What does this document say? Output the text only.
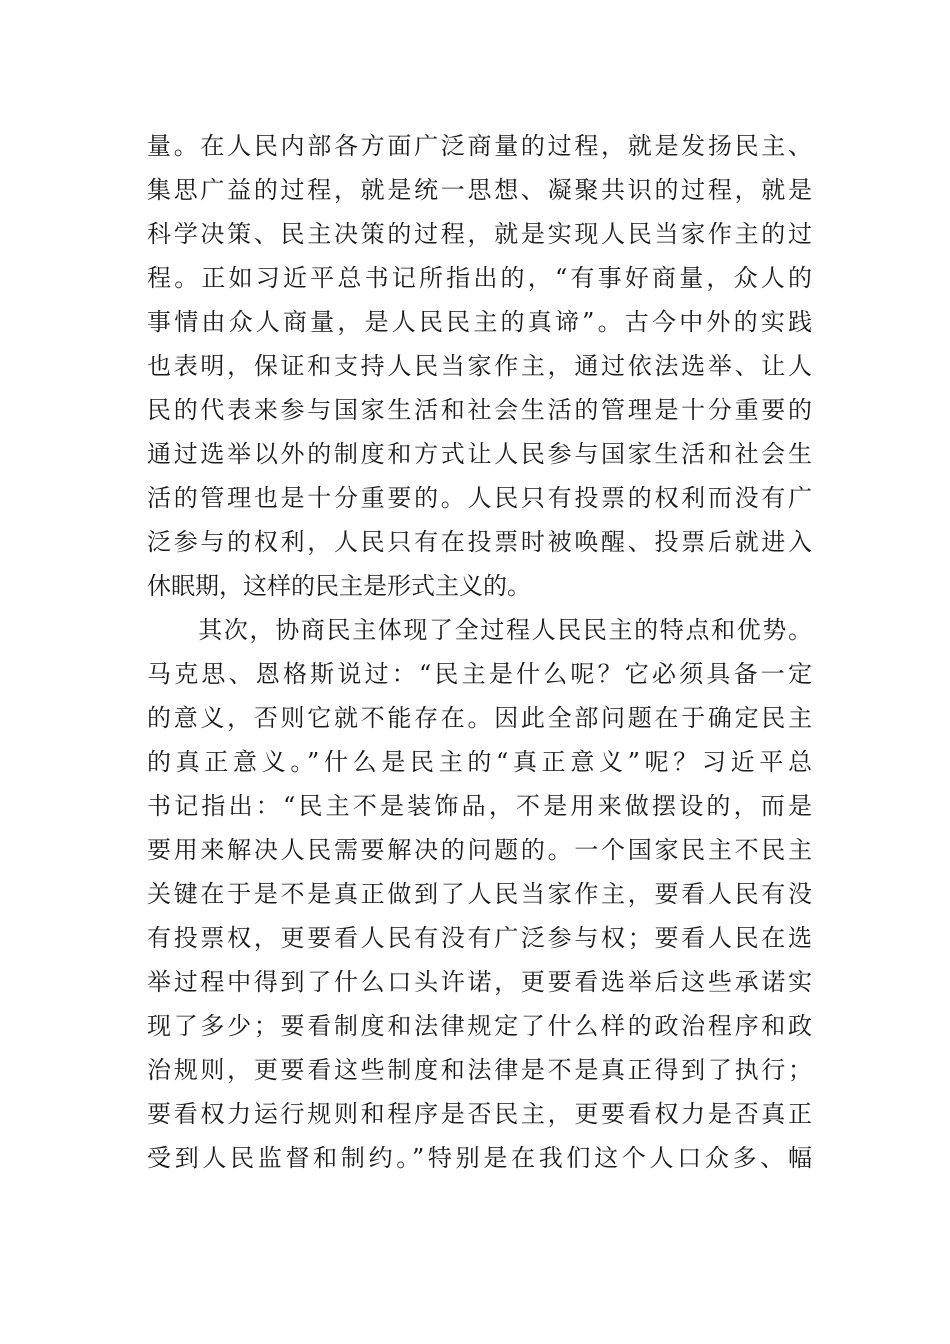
量。在人民内部各方面广泛商量的过程，就是发扬民主、
集思广益的过程，就是统一思想、凝聚共识的过程，就是
科学决策、民主决策的过程，就是实现人民当家作主的过
程。正如习近平总书记所指出的，“有事好商量，众人的
事情由众人商量，是人民民主的真谛”。古今中外的实践
也表明，保证和支持人民当家作主，通过依法选举、让人
民的代表来参与国家生活和社会生活的管理是十分重要的
通过选举以外的制度和方式让人民参与国家生活和社会生
活的管理也是十分重要的。人民只有投票的权利而没有广
泛参与的权利，人民只有在投票时被唤醒、投票后就进入
休眠期，这样的民主是形式主义的。
　　其次，协商民主体现了全过程人民民主的特点和优势。
马克思、恩格斯说过：“民主是什么呢？它必须具备一定
的意义，否则它就不能存在。因此全部问题在于确定民主
的真正意义。”什么是民主的“真正意义”呢？习近平总
书记指出：“民主不是装饰品，不是用来做摆设的，而是
要用来解决人民需要解决的问题的。一个国家民主不民主
关键在于是不是真正做到了人民当家作主，要看人民有没
有投票权，更要看人民有没有广泛参与权；要看人民在选
举过程中得到了什么口头许诺，更要看选举后这些承诺实
现了多少；要看制度和法律规定了什么样的政治程序和政
治规则，更要看这些制度和法律是不是真正得到了执行；
要看权力运行规则和程序是否民主，更要看权力是否真正
受到人民监督和制约。”特别是在我们这个人口众多、幅
